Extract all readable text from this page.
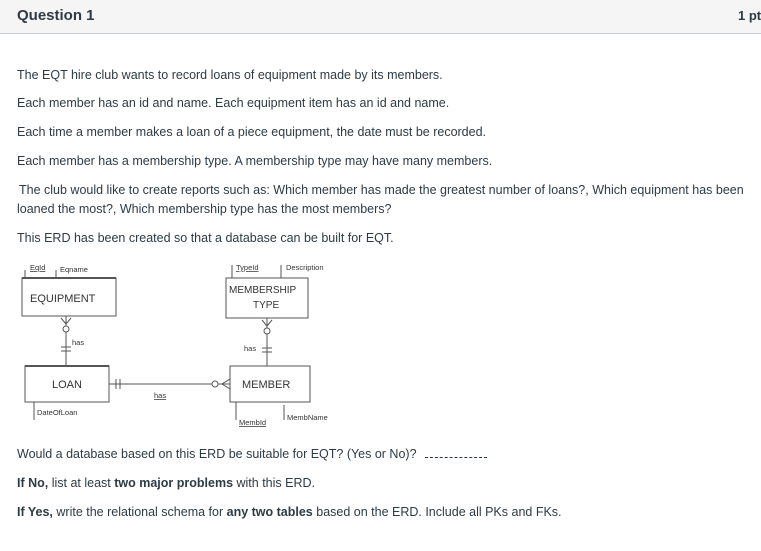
Question 1	1 pt
The EQT hire club wants to record loans of equipment made by its members.
Each member has an id and name. Each equipment item has an id and name.
Each time a member makes a loan of a piece equipment, the date must be recorded.
Each member has a membership type. A membership type may have many members.
The club would like to create reports such as: Which member has made the greatest number of loans?, Which equipment has been
loaned the most?, Which membership type has the most members?
This ERD has been created so that a database can be built for EQT.
EQUIPMENT
EqId Eqname
MEMBERSHIP
TYPE
TypeId	Description
has
has
LOAN
DateOfLoan
MEMBER
MembId
MembName
has
Would a database based on this ERD be suitable for EQT? (Yes or No)?
If No, list at least two major problems with this ERD.
If Yes, write the relational schema for any two tables based on the ERD. Include all PKs and FKs.
